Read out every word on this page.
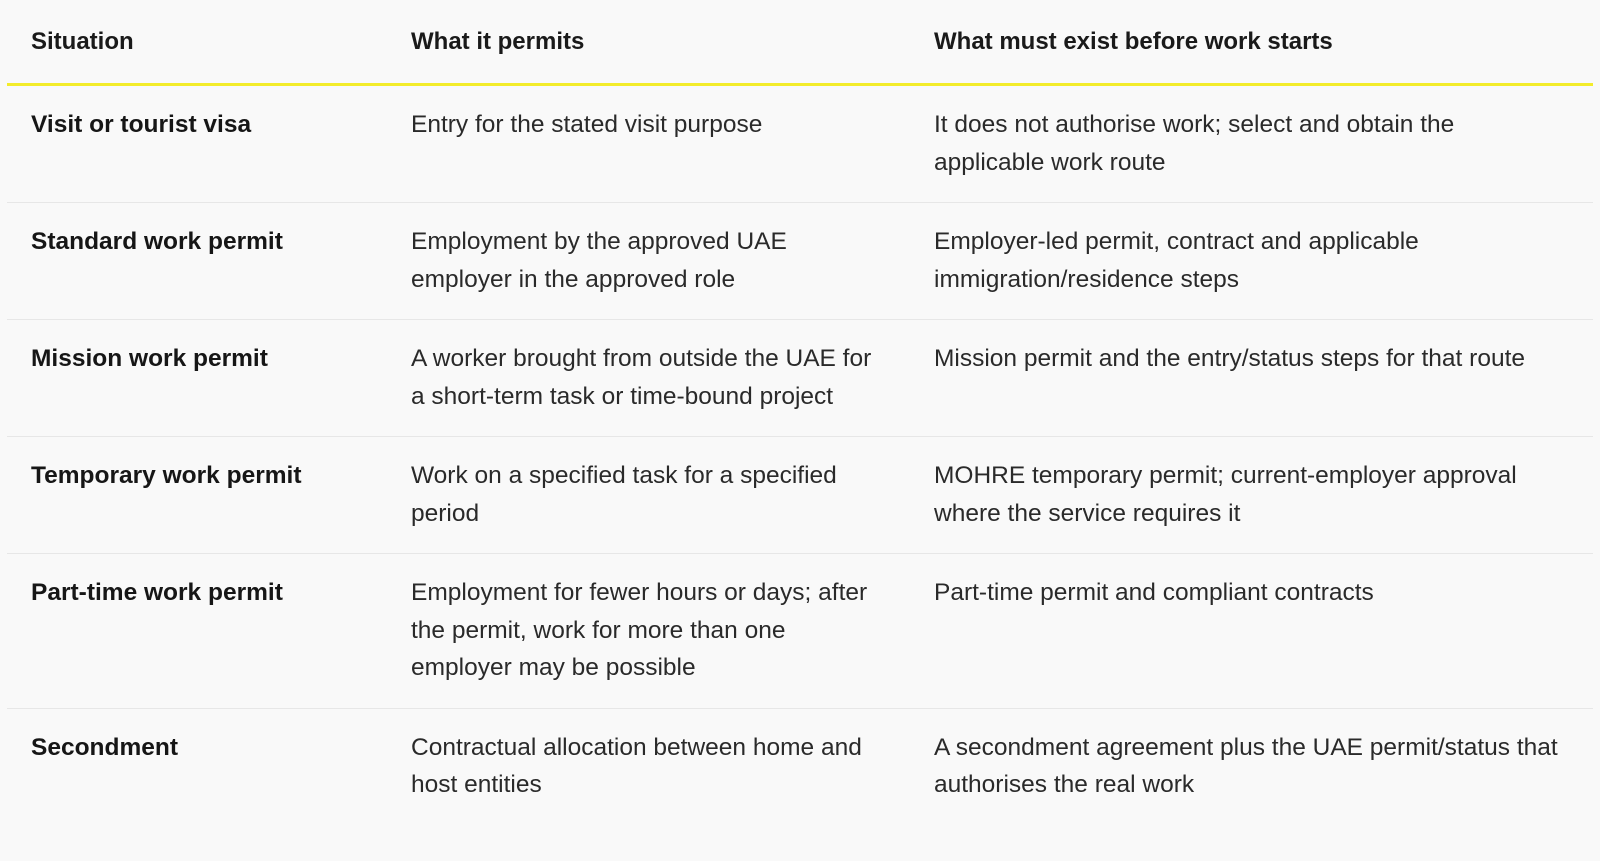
Situation	What it permits	What must exist before work starts
Visit or tourist visa	Entry for the stated visit purpose	It does not authorise work; select and obtain the applicable work route
Standard work permit	Employment by the approved UAE employer in the approved role	Employer-led permit, contract and applicable immigration/residence steps
Mission work permit	A worker brought from outside the UAE for a short-term task or time-bound project	Mission permit and the entry/status steps for that route
Temporary work permit	Work on a specified task for a specified period	MOHRE temporary permit; current-employer approval where the service requires it
Part-time work permit	Employment for fewer hours or days; after the permit, work for more than one employer may be possible	Part-time permit and compliant contracts
Secondment	Contractual allocation between home and host entities	A secondment agreement plus the UAE permit/status that authorises the real work
